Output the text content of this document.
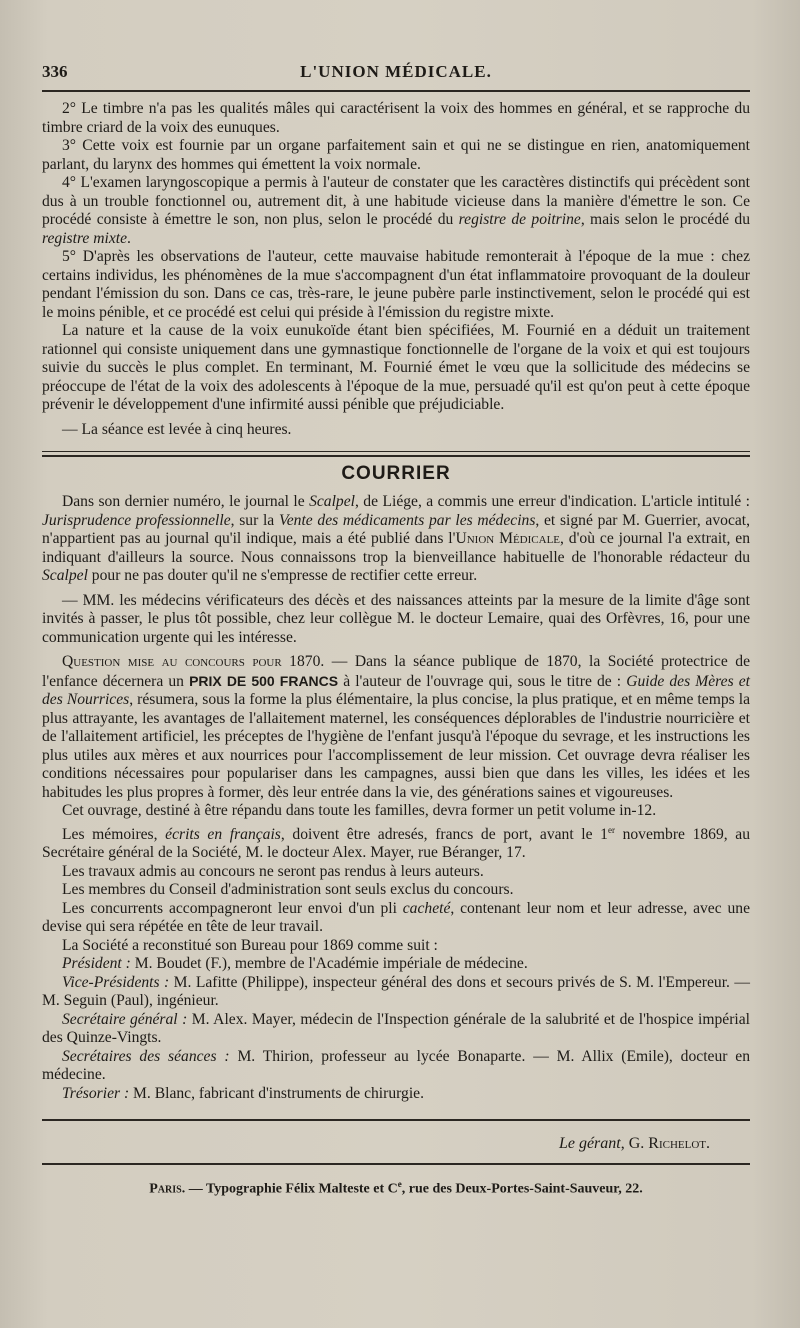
336	L'UNION MÉDICALE.

2° Le timbre n'a pas les qualités mâles qui caractérisent la voix des hommes en général, et se rapproche du timbre criard de la voix des eunuques.

3° Cette voix est fournie par un organe parfaitement sain et qui ne se distingue en rien, anatomiquement parlant, du larynx des hommes qui émettent la voix normale.

4° L'examen laryngoscopique a permis à l'auteur de constater que les caractères distinctifs qui précèdent sont dus à un trouble fonctionnel ou, autrement dit, à une habitude vicieuse dans la manière d'émettre le son. Ce procédé consiste à émettre le son, non plus, selon le procédé du registre de poitrine, mais selon le procédé du registre mixte.

5° D'après les observations de l'auteur, cette mauvaise habitude remonterait à l'époque de la mue : chez certains individus, les phénomènes de la mue s'accompagnent d'un état inflammatoire provoquant de la douleur pendant l'émission du son. Dans ce cas, très-rare, le jeune pubère parle instinctivement, selon le procédé qui est le moins pénible, et ce procédé est celui qui préside à l'émission du registre mixte.

La nature et la cause de la voix eunukoïde étant bien spécifiées, M. Fournié en a déduit un traitement rationnel qui consiste uniquement dans une gymnastique fonctionnelle de l'organe de la voix et qui est toujours suivie du succès le plus complet. En terminant, M. Fournié émet le vœu que la sollicitude des médecins se préoccupe de l'état de la voix des adolescents à l'époque de la mue, persuadé qu'il est qu'on peut à cette époque prévenir le développement d'une infirmité aussi pénible que préjudiciable.

— La séance est levée à cinq heures.

COURRIER

Dans son dernier numéro, le journal le Scalpel, de Liége, a commis une erreur d'indication. L'article intitulé : Jurisprudence professionnelle, sur la Vente des médicaments par les médecins, et signé par M. Guerrier, avocat, n'appartient pas au journal qu'il indique, mais a été publié dans l'Union Médicale, d'où ce journal l'a extrait, en indiquant d'ailleurs la source. Nous connaissons trop la bienveillance habituelle de l'honorable rédacteur du Scalpel pour ne pas douter qu'il ne s'empresse de rectifier cette erreur.

— MM. les médecins vérificateurs des décès et des naissances atteints par la mesure de la limite d'âge sont invités à passer, le plus tôt possible, chez leur collègue M. le docteur Lemaire, quai des Orfèvres, 16, pour une communication urgente qui les intéresse.

Question mise au concours pour 1870. — Dans la séance publique de 1870, la Société protectrice de l'enfance décernera un PRIX DE 500 FRANCS à l'auteur de l'ouvrage qui, sous le titre de : Guide des Mères et des Nourrices, résumera, sous la forme la plus élémentaire, la plus concise, la plus pratique, et en même temps la plus attrayante, les avantages de l'allaitement maternel, les conséquences déplorables de l'industrie nourricière et de l'allaitement artificiel, les préceptes de l'hygiène de l'enfant jusqu'à l'époque du sevrage, et les instructions les plus utiles aux mères et aux nourrices pour l'accomplissement de leur mission. Cet ouvrage devra réaliser les conditions nécessaires pour populariser dans les campagnes, aussi bien que dans les villes, les idées et les habitudes les plus propres à former, dès leur entrée dans la vie, des générations saines et vigoureuses.

Cet ouvrage, destiné à être répandu dans toute les familles, devra former un petit volume in-12.

Les mémoires, écrits en français, doivent être adresés, francs de port, avant le 1er novembre 1869, au Secrétaire général de la Société, M. le docteur Alex. Mayer, rue Béranger, 17.

Les travaux admis au concours ne seront pas rendus à leurs auteurs.

Les membres du Conseil d'administration sont seuls exclus du concours.

Les concurrents accompagneront leur envoi d'un pli cacheté, contenant leur nom et leur adresse, avec une devise qui sera répétée en tête de leur travail.

La Société a reconstitué son Bureau pour 1869 comme suit :

Président : M. Boudet (F.), membre de l'Académie impériale de médecine.

Vice-Présidents : M. Lafitte (Philippe), inspecteur général des dons et secours privés de S. M. l'Empereur. — M. Seguin (Paul), ingénieur.

Secrétaire général : M. Alex. Mayer, médecin de l'Inspection générale de la salubrité et de l'hospice impérial des Quinze-Vingts.

Secrétaires des séances : M. Thirion, professeur au lycée Bonaparte. — M. Allix (Emile), docteur en médecine.

Trésorier : M. Blanc, fabricant d'instruments de chirurgie.

Le gérant, G. Richelot.
Paris. — Typographie Félix Malteste et Ce, rue des Deux-Portes-Saint-Sauveur, 22.
